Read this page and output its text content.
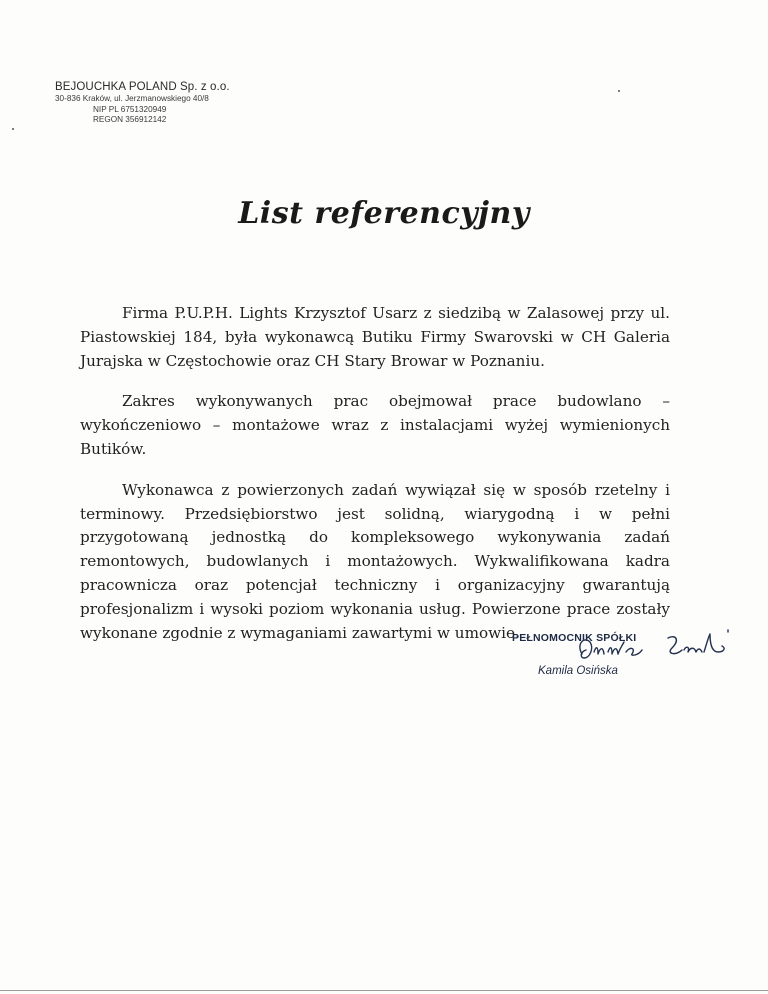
BEJOUCHKA POLAND Sp. z o.o.
30-836 Kraków, ul. Jerzmanowskiego 40/8
NIP PL 6751320949
REGON 356912142
List referencyjny

Firma P.U.P.H. Lights Krzysztof Usarz z siedzibą w Zalasowej przy ul. Piastowskiej 184, była wykonawcą Butiku Firmy Swarovski w CH Galeria Jurajska w Częstochowie oraz CH Stary Browar w Poznaniu.

Zakres wykonywanych prac obejmował prace budowlano – wykończeniowo – montażowe wraz z instalacjami wyżej wymienionych Butików.

Wykonawca z powierzonych zadań wywiązał się w sposób rzetelny i terminowy. Przedsiębiorstwo jest solidną, wiarygodną i w pełni przygotowaną jednostką do kompleksowego wykonywania zadań remontowych, budowlanych i montażowych. Wykwalifikowana kadra pracownicza oraz potencjał techniczny i organizacyjny gwarantują profesjonalizm i wysoki poziom wykonania usług. Powierzone prace zostały wykonane zgodnie z wymaganiami zawartymi w umowie.

PEŁNOMOCNIK SPÓŁKI
Kamila Osińska
